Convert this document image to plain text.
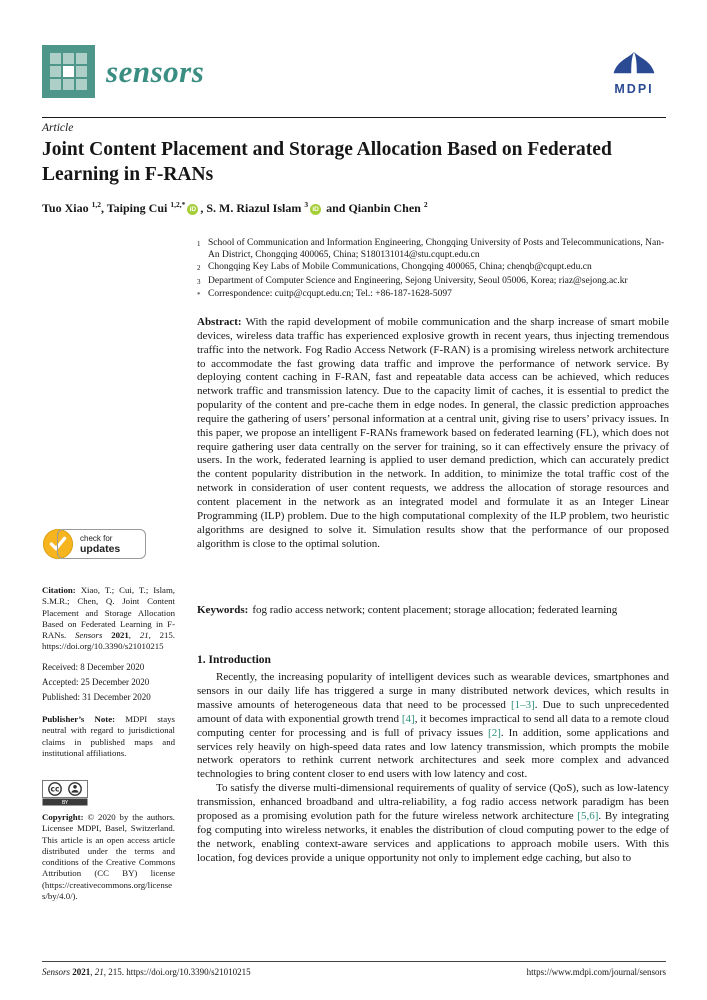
sensors
MDPI
Article
Joint Content Placement and Storage Allocation Based on Federated Learning in F-RANs
Tuo Xiao $^{1,2}$, Taiping Cui $^{1,2,*}$iD , S. M. Riazul Islam $^3$iD and Qianbin Chen $^2$
1 School of Communication and Information Engineering, Chongqing University of Posts and Telecommunications, Nan-An District, Chongqing 400065, China; S180131014@stu.cqupt.edu.cn
2 Chongqing Key Labs of Mobile Communications, Chongqing 400065, China; chenqb@cqupt.edu.cn
3 Department of Computer Science and Engineering, Sejong University, Seoul 05006, Korea; riaz@sejong.ac.kr
* Correspondence: cuitp@cqupt.edu.cn; Tel.: +86-187-1628-5097
Abstract: With the rapid development of mobile communication and the sharp increase of smart mobile devices, wireless data traffic has experienced explosive growth in recent years, thus injecting tremendous traffic into the network. Fog Radio Access Network (F-RAN) is a promising wireless network architecture to accommodate the fast growing data traffic and improve the performance of network service. By deploying content caching in F-RAN, fast and repeatable data access can be achieved, which reduces network traffic and transmission latency. Due to the capacity limit of caches, it is essential to predict the popularity of the content and pre-cache them in edge nodes. In general, the classic prediction approaches require the gathering of users’ personal information at a central unit, giving rise to users’ privacy issues. In this paper, we propose an intelligent F-RANs framework based on federated learning (FL), which does not require gathering user data centrally on the server for training, so it can effectively ensure the privacy of users. In the work, federated learning is applied to user demand prediction, which can accurately predict the content popularity distribution in the network. In addition, to minimize the total traffic cost of the network in consideration of user content requests, we address the allocation of storage resources and content placement in the network as an integrated model and formulate it as an Integer Linear Programming (ILP) problem. Due to the high computational complexity of the ILP problem, two heuristic algorithms are designed to solve it. Simulation results show that the performance of our proposed algorithm is close to the optimal solution.
Keywords: fog radio access network; content placement; storage allocation; federated learning
check for
updates
Citation: Xiao, T.; Cui, T.; Islam, S.M.R.; Chen, Q. Joint Content Placement and Storage Allocation Based on Federated Learning in F-RANs. Sensors 2021, 21, 215. https://doi.org/10.3390/s21010215
Received: 8 December 2020
Accepted: 25 December 2020
Published: 31 December 2020
Publisher’s Note: MDPI stays neutral with regard to jurisdictional claims in published maps and institutional affiliations.
cc
BY
Copyright: © 2020 by the authors. Licensee MDPI, Basel, Switzerland. This article is an open access article distributed under the terms and conditions of the Creative Commons Attribution (CC BY) license (https://creativecommons.org/licenses/by/4.0/).
1. Introduction

Recently, the increasing popularity of intelligent devices such as wearable devices, smartphones and sensors in our daily life has triggered a surge in many distributed network devices, which results in massive amounts of heterogeneous data that need to be processed [1–3]. Due to such unprecedented amount of data with exponential growth trend [4], it becomes impractical to send all data to a remote cloud computing center for processing and is full of privacy issues [2]. In addition, some applications and services rely heavily on high-speed data rates and low latency transmission, which prompts the mobile network operators to rethink current network architectures and seek more complex and advanced technologies to bring content closer to end users with low latency and cost.

To satisfy the diverse multi-dimensional requirements of quality of service (QoS), such as low-latency transmission, enhanced broadband and ultra-reliability, a fog radio access network paradigm has been proposed as a promising evolution path for the future wireless network architecture [5,6]. By integrating fog computing into wireless networks, it enables the distribution of cloud computing power to the edge of the network, enabling context-aware services and applications to approach mobile users. With this location, fog devices provide a unique opportunity not only to implement edge caching, but also to

Sensors 2021, 21, 215. https://doi.org/10.3390/s21010215	https://www.mdpi.com/journal/sensors
